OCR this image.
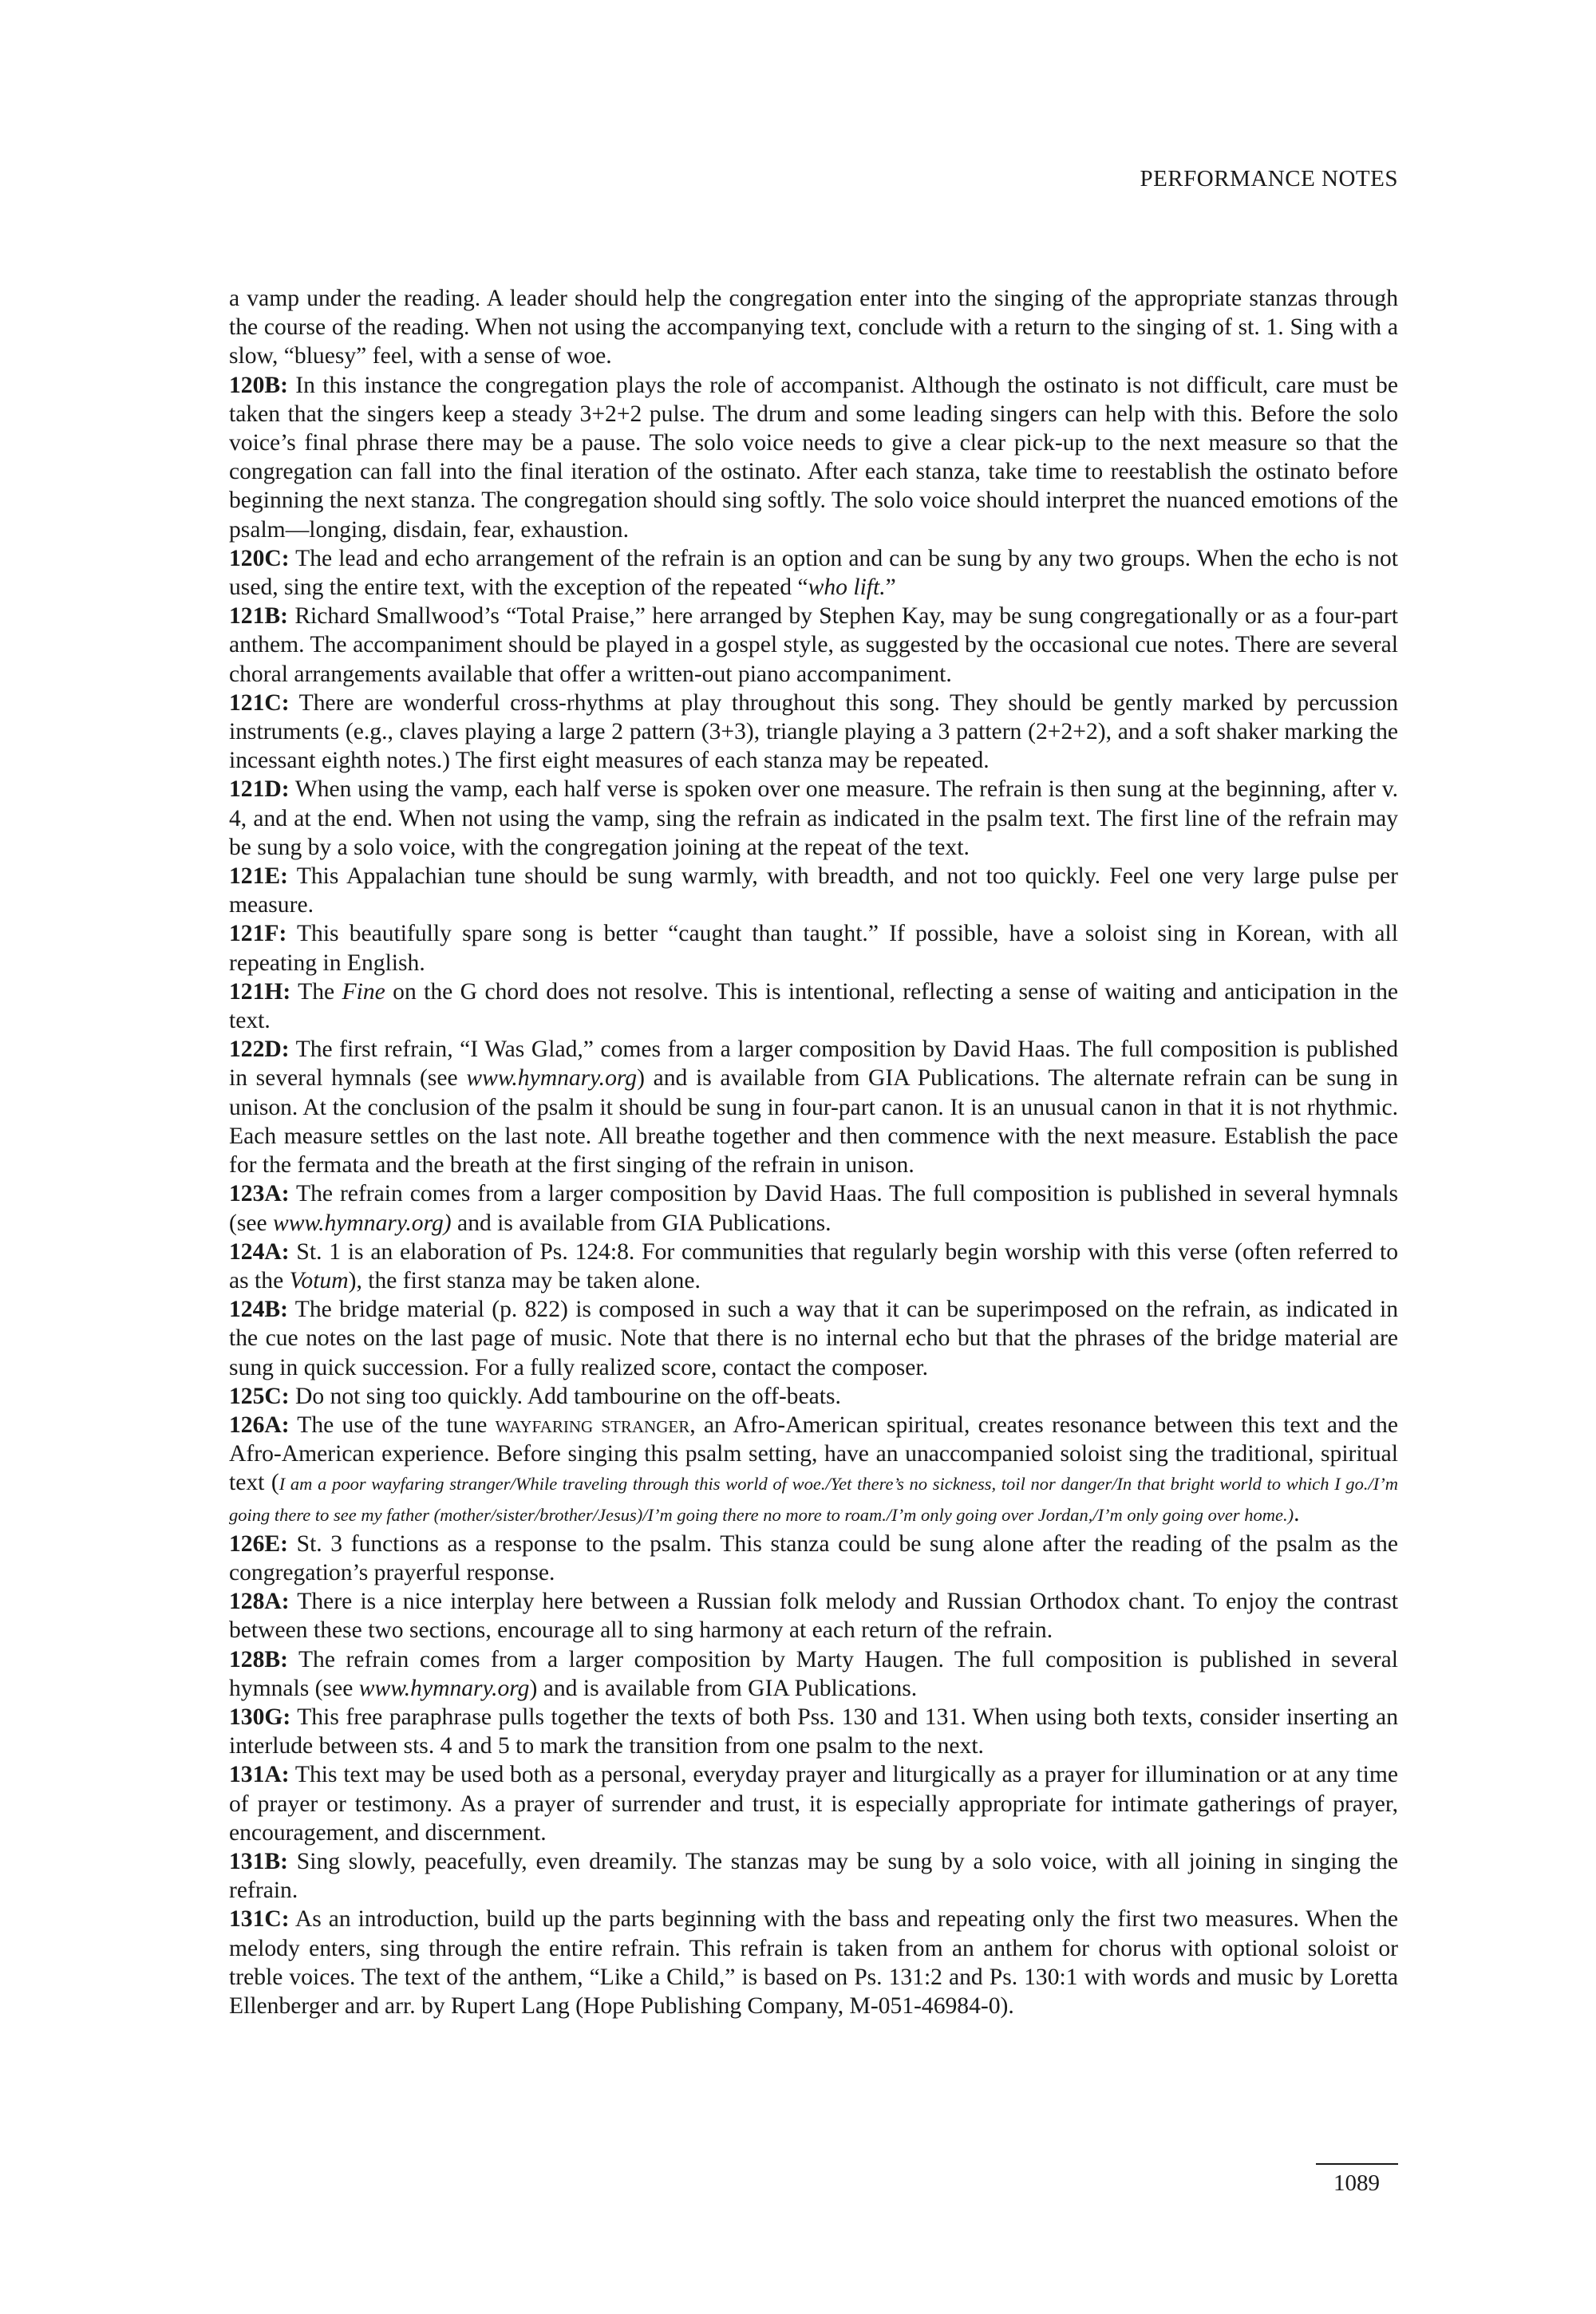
PERFORMANCE NOTES

a vamp under the reading. A leader should help the congregation enter into the singing of the appropriate stanzas through the course of the reading. When not using the accompanying text, conclude with a return to the singing of st. 1. Sing with a slow, “bluesy” feel, with a sense of woe.

120B: In this instance the congregation plays the role of accompanist. Although the ostinato is not difficult, care must be taken that the singers keep a steady 3+2+2 pulse. The drum and some leading singers can help with this. Before the solo voice’s final phrase there may be a pause. The solo voice needs to give a clear pick-up to the next measure so that the congregation can fall into the final iteration of the ostinato. After each stanza, take time to reestablish the ostinato before beginning the next stanza. The congregation should sing softly. The solo voice should interpret the nuanced emotions of the psalm—longing, disdain, fear, exhaustion.

120C: The lead and echo arrangement of the refrain is an option and can be sung by any two groups. When the echo is not used, sing the entire text, with the exception of the repeated “who lift.”

121B: Richard Smallwood’s “Total Praise,” here arranged by Stephen Kay, may be sung congregationally or as a four-part anthem. The accompaniment should be played in a gospel style, as suggested by the occasional cue notes. There are several choral arrangements available that offer a written-out piano accompaniment.

121C: There are wonderful cross-rhythms at play throughout this song. They should be gently marked by percussion instruments (e.g., claves playing a large 2 pattern (3+3), triangle playing a 3 pattern (2+2+2), and a soft shaker marking the incessant eighth notes.) The first eight measures of each stanza may be repeated.

121D: When using the vamp, each half verse is spoken over one measure. The refrain is then sung at the beginning, after v. 4, and at the end. When not using the vamp, sing the refrain as indicated in the psalm text. The first line of the refrain may be sung by a solo voice, with the congregation joining at the repeat of the text.

121E: This Appalachian tune should be sung warmly, with breadth, and not too quickly. Feel one very large pulse per measure.

121F: This beautifully spare song is better “caught than taught.” If possible, have a soloist sing in Korean, with all repeating in English.

121H: The Fine on the G chord does not resolve. This is intentional, reflecting a sense of waiting and anticipation in the text.

122D: The first refrain, “I Was Glad,” comes from a larger composition by David Haas. The full composition is published in several hymnals (see www.hymnary.org) and is available from GIA Publications. The alternate refrain can be sung in unison. At the conclusion of the psalm it should be sung in four-part canon. It is an unusual canon in that it is not rhythmic. Each measure settles on the last note. All breathe together and then commence with the next measure. Establish the pace for the fermata and the breath at the first singing of the refrain in unison.

123A: The refrain comes from a larger composition by David Haas. The full composition is published in several hymnals (see www.hymnary.org) and is available from GIA Publications.

124A: St. 1 is an elaboration of Ps. 124:8. For communities that regularly begin worship with this verse (often referred to as the Votum), the first stanza may be taken alone.

124B: The bridge material (p. 822) is composed in such a way that it can be superimposed on the refrain, as indicated in the cue notes on the last page of music. Note that there is no internal echo but that the phrases of the bridge material are sung in quick succession. For a fully realized score, contact the composer.

125C: Do not sing too quickly. Add tambourine on the off-beats.

126A: The use of the tune wayfaring stranger, an Afro-American spiritual, creates resonance between this text and the Afro-American experience. Before singing this psalm setting, have an unaccompanied soloist sing the traditional, spiritual text (I am a poor wayfaring stranger/While traveling through this world of woe./Yet there’s no sickness, toil nor danger/In that bright world to which I go./I’m going there to see my father (mother/sister/brother/Jesus)/I’m going there no more to roam./I’m only going over Jordan,/I’m only going over home.).

126E: St. 3 functions as a response to the psalm. This stanza could be sung alone after the reading of the psalm as the congregation’s prayerful response.

128A: There is a nice interplay here between a Russian folk melody and Russian Orthodox chant. To enjoy the contrast between these two sections, encourage all to sing harmony at each return of the refrain.

128B: The refrain comes from a larger composition by Marty Haugen. The full composition is published in several hymnals (see www.hymnary.org) and is available from GIA Publications.

130G: This free paraphrase pulls together the texts of both Pss. 130 and 131. When using both texts, consider inserting an interlude between sts. 4 and 5 to mark the transition from one psalm to the next.

131A: This text may be used both as a personal, everyday prayer and liturgically as a prayer for illumination or at any time of prayer or testimony. As a prayer of surrender and trust, it is especially appropriate for intimate gatherings of prayer, encouragement, and discernment.

131B: Sing slowly, peacefully, even dreamily. The stanzas may be sung by a solo voice, with all joining in singing the refrain.

131C: As an introduction, build up the parts beginning with the bass and repeating only the first two measures. When the melody enters, sing through the entire refrain. This refrain is taken from an anthem for chorus with optional soloist or treble voices. The text of the anthem, “Like a Child,” is based on Ps. 131:2 and Ps. 130:1 with words and music by Loretta Ellenberger and arr. by Rupert Lang (Hope Publishing Company, M-051-46984-0).

1089
